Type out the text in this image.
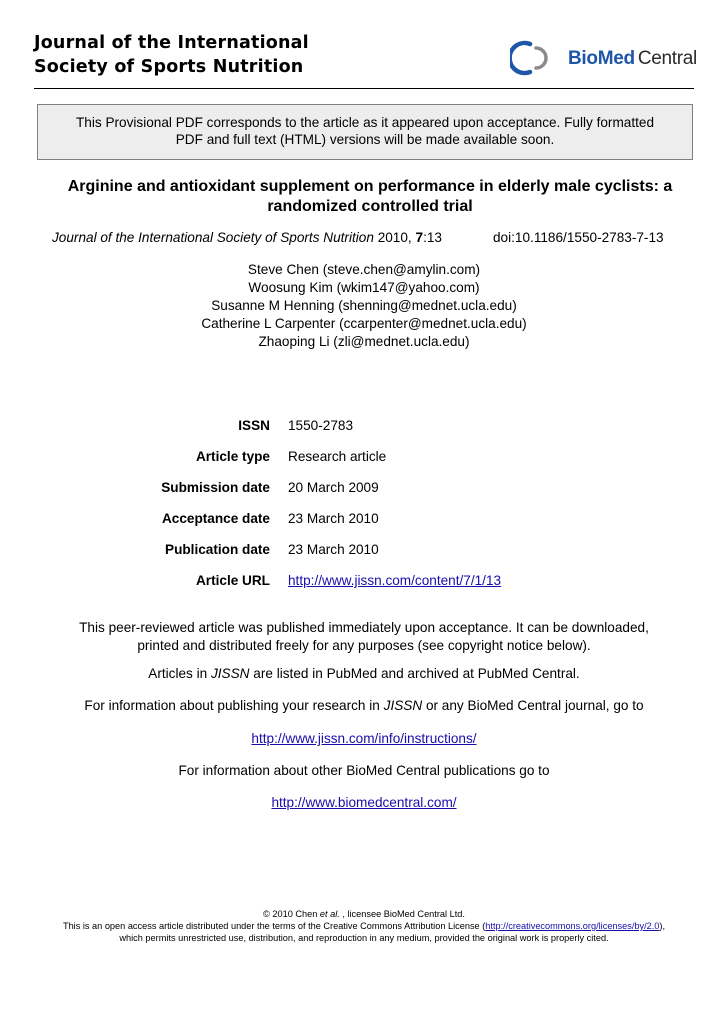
Journal of the International
Society of Sports Nutrition	BioMed Central

This Provisional PDF corresponds to the article as it appeared upon acceptance. Fully formatted
PDF and full text (HTML) versions will be made available soon.

Arginine and antioxidant supplement on performance in elderly male cyclists: a
randomized controlled trial
Journal of the International Society of Sports Nutrition 2010, 7:13	doi:10.1186/1550-2783-7-13
Steve Chen (steve.chen@amylin.com)
Woosung Kim (wkim147@yahoo.com)
Susanne M Henning (shenning@mednet.ucla.edu)
Catherine L Carpenter (ccarpenter@mednet.ucla.edu)
Zhaoping Li (zli@mednet.ucla.edu)
ISSN 1550-2783
Article type Research article
Submission date 20 March 2009
Acceptance date 23 March 2010
Publication date 23 March 2010
Article URL http://www.jissn.com/content/7/1/13
This peer-reviewed article was published immediately upon acceptance. It can be downloaded,
printed and distributed freely for any purposes (see copyright notice below).
Articles in JISSN are listed in PubMed and archived at PubMed Central.
For information about publishing your research in JISSN or any BioMed Central journal, go to
http://www.jissn.com/info/instructions/
For information about other BioMed Central publications go to
http://www.biomedcentral.com/
© 2010 Chen et al. , licensee BioMed Central Ltd.
This is an open access article distributed under the terms of the Creative Commons Attribution License (http://creativecommons.org/licenses/by/2.0),
which permits unrestricted use, distribution, and reproduction in any medium, provided the original work is properly cited.
